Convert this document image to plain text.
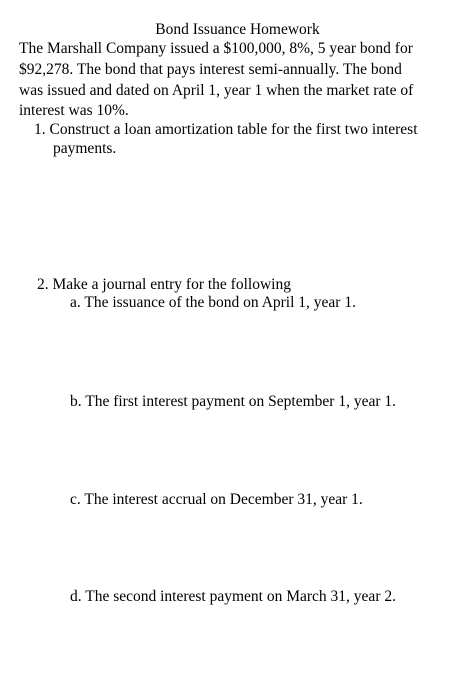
Bond Issuance Homework
The Marshall Company issued a $100,000, 8%, 5 year bond for
$92,278. The bond that pays interest semi-annually. The bond
was issued and dated on April 1, year 1 when the market rate of
interest was 10%.
1. Construct a loan amortization table for the first two interest
payments.
2. Make a journal entry for the following
a. The issuance of the bond on April 1, year 1.
b. The first interest payment on September 1, year 1.
c. The interest accrual on December 31, year 1.
d. The second interest payment on March 31, year 2.
